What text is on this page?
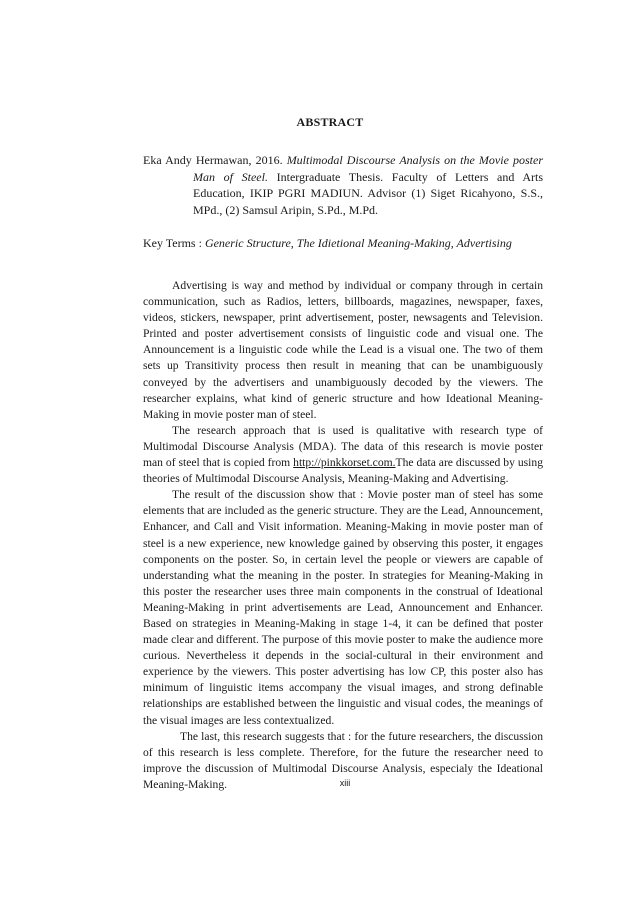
ABSTRACT
Eka Andy Hermawan, 2016. Multimodal Discourse Analysis on the Movie poster
Man of Steel. Intergraduate Thesis. Faculty of Letters and Arts
Education, IKIP PGRI MADIUN. Advisor (1) Siget Ricahyono, S.S.,
MPd., (2) Samsul Aripin, S.Pd., M.Pd.
Key Terms : Generic Structure, The Idietional Meaning-Making, Advertising

Advertising is way and method by individual or company through in certain communication, such as Radios, letters, billboards, magazines, newspaper, faxes, videos, stickers, newspaper, print advertisement, poster, newsagents and Television. Printed and poster advertisement consists of linguistic code and visual one. The Announcement is a linguistic code while the Lead is a visual one. The two of them sets up Transitivity process then result in meaning that can be unambiguously conveyed by the advertisers and unambiguously decoded by the viewers. The researcher explains, what kind of generic structure and how Ideational Meaning-Making in movie poster man of steel.

The research approach that is used is qualitative with research type of Multimodal Discourse Analysis (MDA). The data of this research is movie poster man of steel that is copied from http://pinkkorset.com.The data are discussed by using theories of Multimodal Discourse Analysis, Meaning-Making and Advertising.

The result of the discussion show that : Movie poster man of steel has some elements that are included as the generic structure. They are the Lead, Announcement, Enhancer, and Call and Visit information. Meaning-Making in movie poster man of steel is a new experience, new knowledge gained by observing this poster, it engages components on the poster. So, in certain level the people or viewers are capable of understanding what the meaning in the poster. In strategies for Meaning-Making in this poster the researcher uses three main components in the construal of Ideational Meaning-Making in print advertisements are Lead, Announcement and Enhancer. Based on strategies in Meaning-Making in stage 1-4, it can be defined that poster made clear and different. The purpose of this movie poster to make the audience more curious. Nevertheless it depends in the social-cultural in their environment and experience by the viewers. This poster advertising has low CP, this poster also has minimum of linguistic items accompany the visual images, and strong definable relationships are established between the linguistic and visual codes, the meanings of the visual images are less contextualized.

The last, this research suggests that : for the future researchers, the discussion of this research is less complete. Therefore, for the future the researcher need to improve the discussion of Multimodal Discourse Analysis, especialy the Ideational Meaning-Making.	xiii
